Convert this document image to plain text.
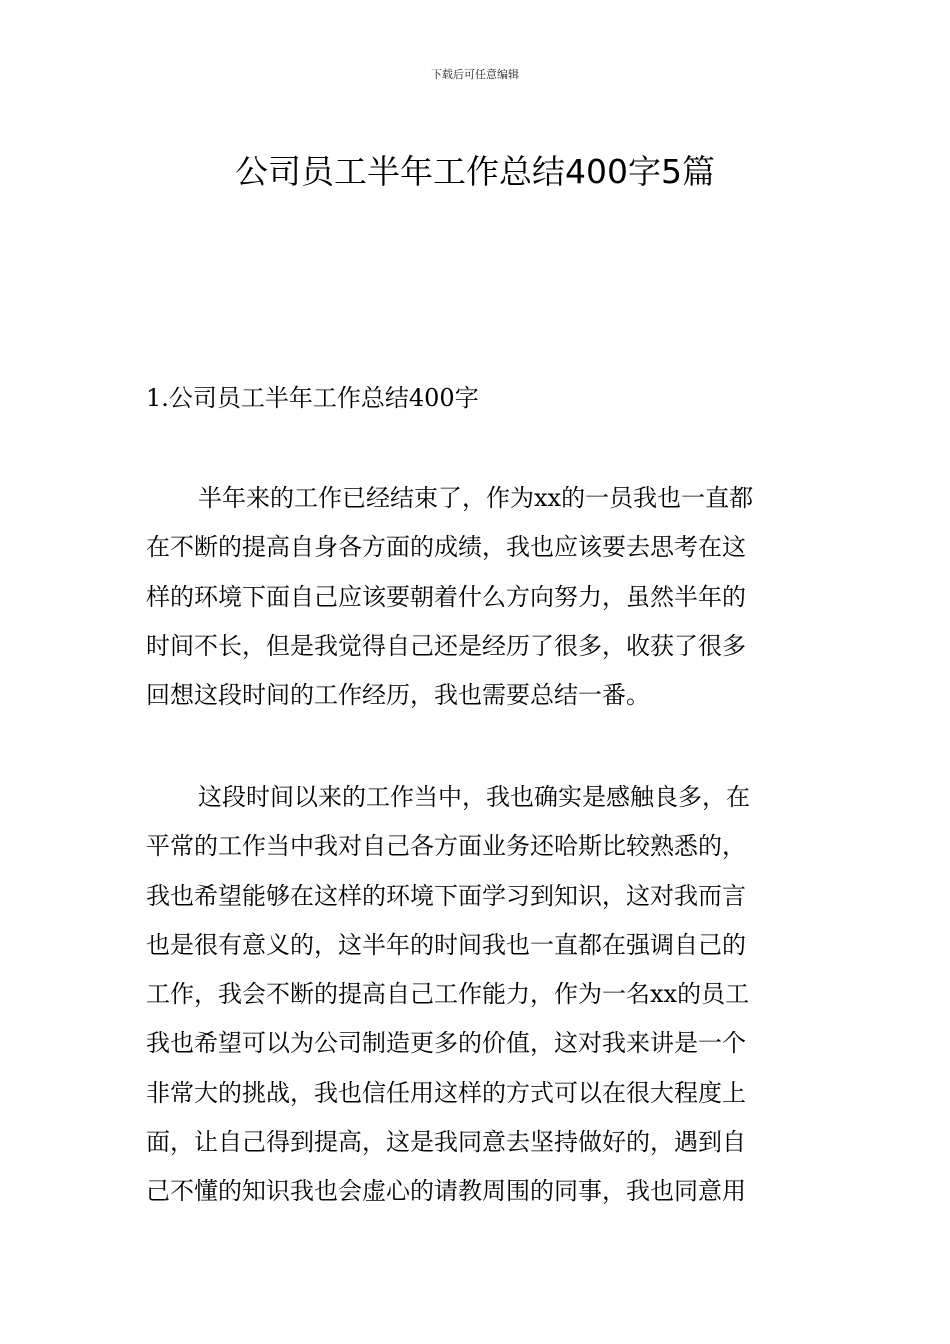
下载后可任意编辑
公司员工半年工作总结400字5篇
1.公司员工半年工作总结400字
半年来的工作已经结束了，作为xx的一员我也一直都
在不断的提高自身各方面的成绩，我也应该要去思考在这
样的环境下面自己应该要朝着什么方向努力，虽然半年的
时间不长，但是我觉得自己还是经历了很多，收获了很多
回想这段时间的工作经历，我也需要总结一番。
这段时间以来的工作当中，我也确实是感触良多，在
平常的工作当中我对自己各方面业务还哈斯比较熟悉的，
我也希望能够在这样的环境下面学习到知识，这对我而言
也是很有意义的，这半年的时间我也一直都在强调自己的
工作，我会不断的提高自己工作能力，作为一名xx的员工
我也希望可以为公司制造更多的价值，这对我来讲是一个
非常大的挑战，我也信任用这样的方式可以在很大程度上
面，让自己得到提高，这是我同意去坚持做好的，遇到自
己不懂的知识我也会虚心的请教周围的同事，我也同意用
